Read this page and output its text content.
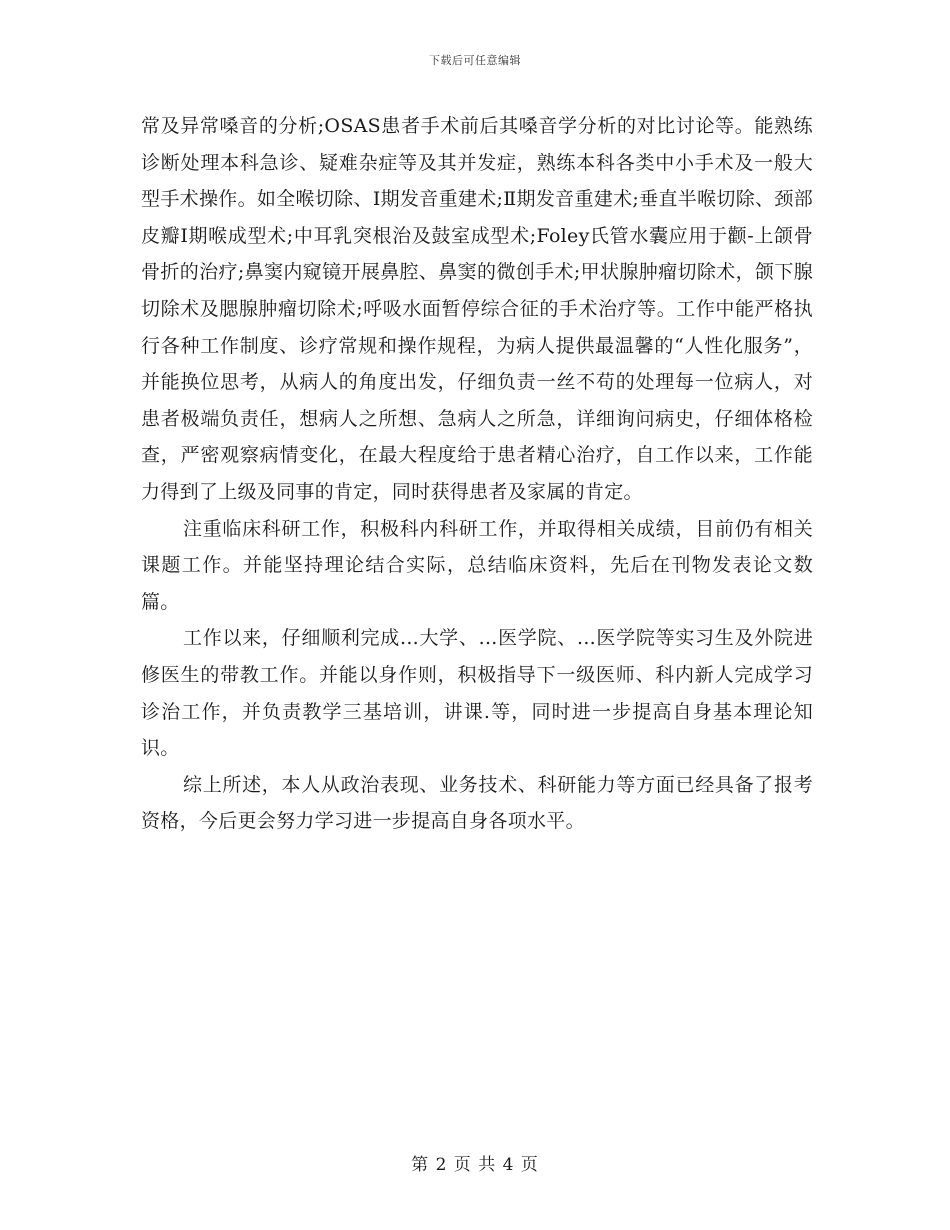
下载后可任意编辑

常及异常嗓音的分析;OSAS患者手术前后其嗓音学分析的对比讨论等。能熟练诊断处理本科急诊、疑难杂症等及其并发症，熟练本科各类中小手术及一般大型手术操作。如全喉切除、Ⅰ期发音重建术;Ⅱ期发音重建术;垂直半喉切除、颈部皮瓣Ⅰ期喉成型术;中耳乳突根治及鼓室成型术;Foley氏管水囊应用于颧-上颌骨骨折的治疗;鼻窦内窥镜开展鼻腔、鼻窦的微创手术;甲状腺肿瘤切除术，颌下腺切除术及腮腺肿瘤切除术;呼吸水面暂停综合征的手术治疗等。工作中能严格执行各种工作制度、诊疗常规和操作规程，为病人提供最温馨的“人性化服务”，并能换位思考，从病人的角度出发，仔细负责一丝不苟的处理每一位病人，对患者极端负责任，想病人之所想、急病人之所急，详细询问病史，仔细体格检查，严密观察病情变化，在最大程度给于患者精心治疗，自工作以来，工作能力得到了上级及同事的肯定，同时获得患者及家属的肯定。

注重临床科研工作，积极科内科研工作，并取得相关成绩，目前仍有相关课题工作。并能坚持理论结合实际，总结临床资料，先后在刊物发表论文数篇。

工作以来，仔细顺利完成...大学、...医学院、...医学院等实习生及外院进修医生的带教工作。并能以身作则，积极指导下一级医师、科内新人完成学习诊治工作，并负责教学三基培训，讲课.等，同时进一步提高自身基本理论知识。

综上所述，本人从政治表现、业务技术、科研能力等方面已经具备了报考资格，今后更会努力学习进一步提高自身各项水平。

第 2 页 共 4 页
